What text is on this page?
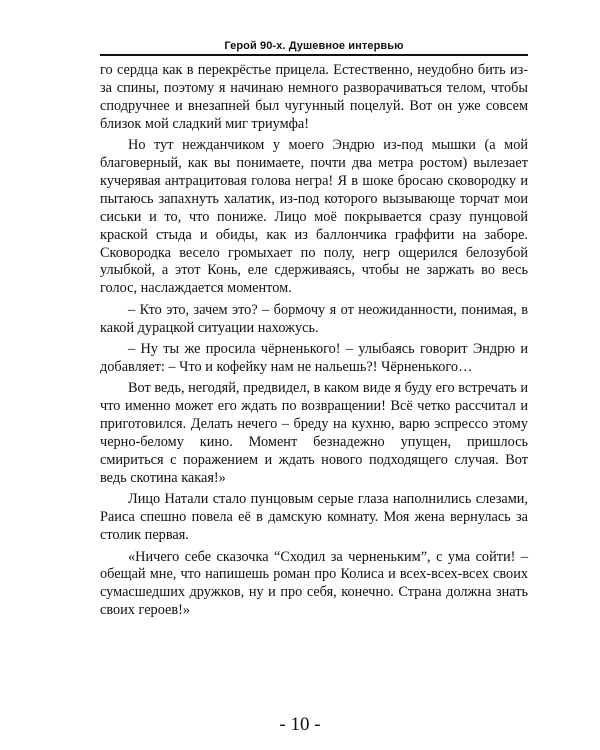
Герой 90-х. Душевное интервью

го сердца как в перекрёстье прицела. Естественно, неудобно бить из-за спины, поэтому я начинаю немного разворачиваться телом, чтобы сподручнее и внезапней был чугунный поцелуй. Вот он уже совсем близок мой сладкий миг триумфа!

Но тут нежданчиком у моего Эндрю из-под мышки (а мой благоверный, как вы понимаете, почти два метра ростом) вылезает кучерявая антрацитовая голова негра! Я в шоке бросаю сковородку и пытаюсь запахнуть халатик, из-под которого вызывающе торчат мои сиськи и то, что пониже. Лицо моё покрывается сразу пунцовой краской стыда и обиды, как из баллончика граффити на заборе. Сковородка весело громыхает по полу, негр ощерился белозубой улыбкой, а этот Конь, еле сдерживаясь, чтобы не заржать во весь голос, наслаждается моментом.

– Кто это, зачем это? – бормочу я от неожиданности, понимая, в какой дурацкой ситуации нахожусь.

– Ну ты же просила чёрненького! – улыбаясь говорит Эндрю и добавляет: – Что и кофейку нам не нальешь?! Чёрненького…

Вот ведь, негодяй, предвидел, в каком виде я буду его встречать и что именно может его ждать по возвращении! Всё четко рассчитал и приготовился. Делать нечего – бреду на кухню, варю эспрессо этому черно-белому кино. Момент безнадежно упущен, пришлось смириться с поражением и ждать нового подходящего случая. Вот ведь скотина какая!»

Лицо Натали стало пунцовым серые глаза наполнились слезами, Раиса спешно повела её в дамскую комнату. Моя жена вернулась за столик первая.

«Ничего себе сказочка “Сходил за черненьким”, с ума сойти! – обещай мне, что напишешь роман про Колиса и всех-всех-всех своих сумасшедших дружков, ну и про себя, конечно. Страна должна знать своих героев!»

- 10 -
